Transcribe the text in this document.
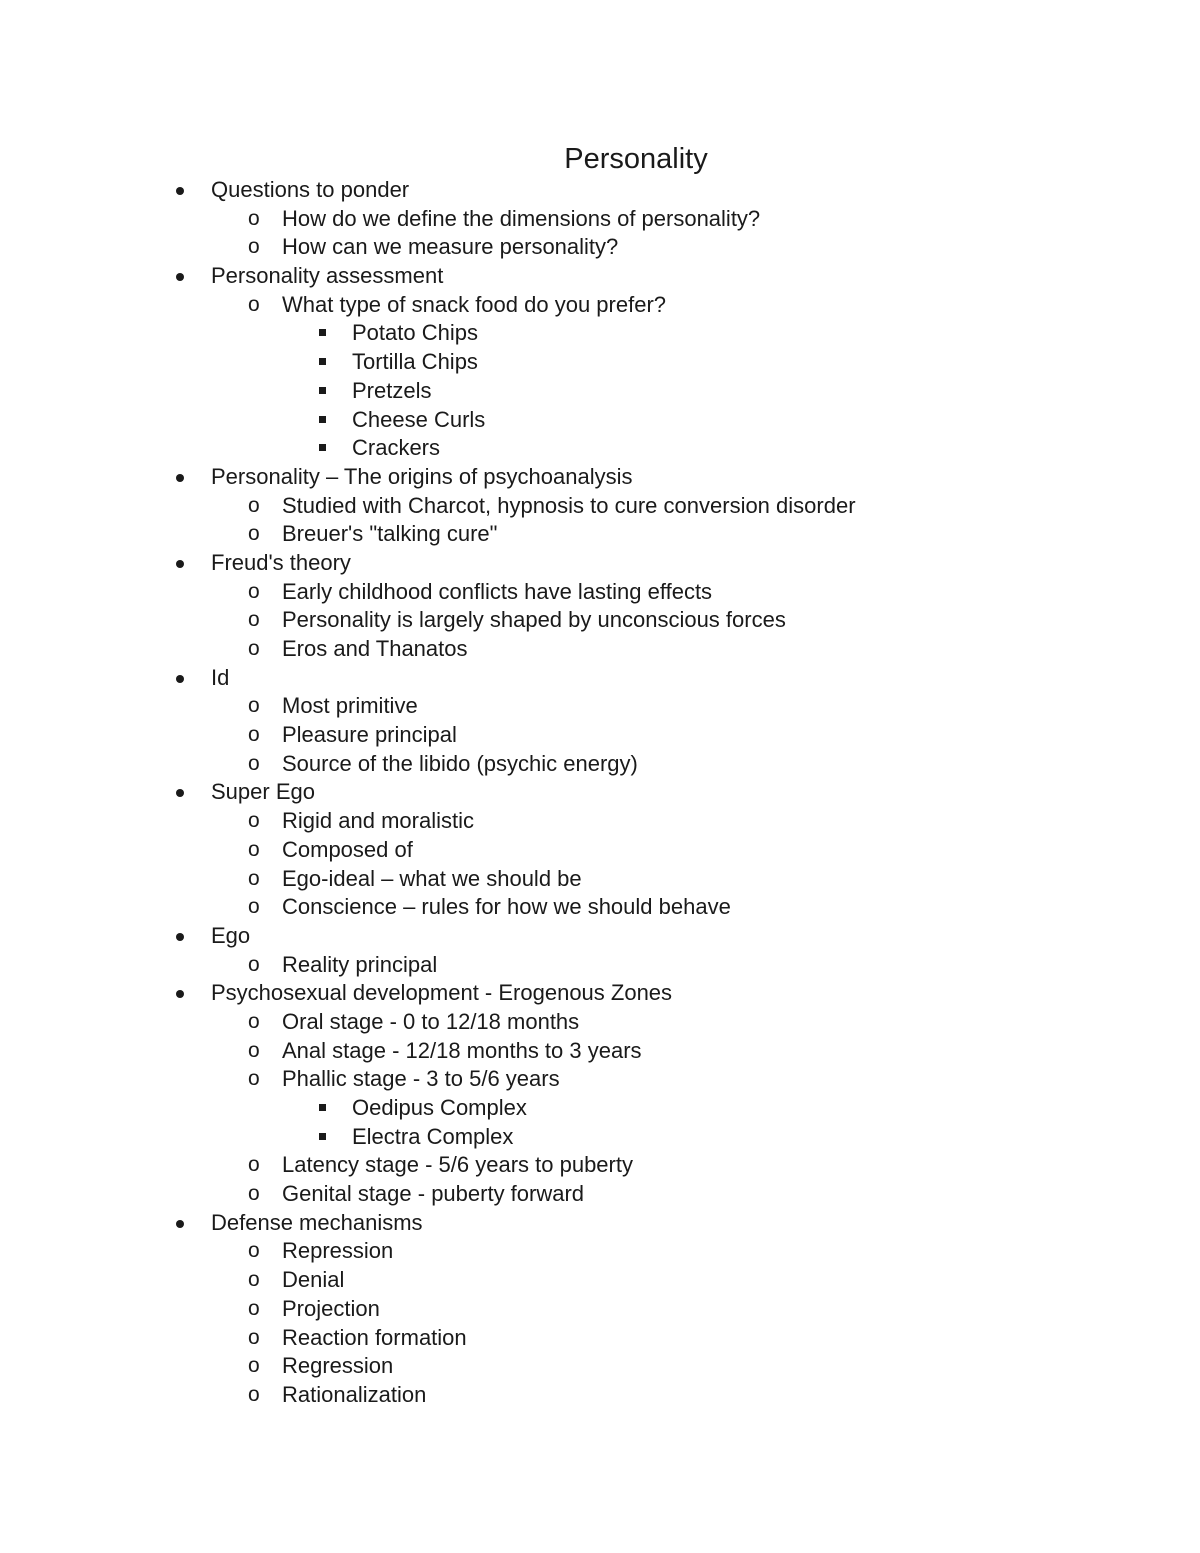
Personality
Questions to ponder
o How do we define the dimensions of personality?
o How can we measure personality?
Personality assessment
o What type of snack food do you prefer?
Potato Chips
Tortilla Chips
Pretzels
Cheese Curls
Crackers
Personality – The origins of psychoanalysis
o Studied with Charcot, hypnosis to cure conversion disorder
o Breuer's "talking cure"
Freud's theory
o Early childhood conflicts have lasting effects
o Personality is largely shaped by unconscious forces
o Eros and Thanatos
Id
o Most primitive
o Pleasure principal
o Source of the libido (psychic energy)
Super Ego
o Rigid and moralistic
o Composed of
o Ego-ideal – what we should be
o Conscience – rules for how we should behave
Ego
o Reality principal
Psychosexual development - Erogenous Zones
o Oral stage - 0 to 12/18 months
o Anal stage - 12/18 months to 3 years
o Phallic stage - 3 to 5/6 years
Oedipus Complex
Electra Complex
o Latency stage - 5/6 years to puberty
o Genital stage - puberty forward
Defense mechanisms
o Repression
o Denial
o Projection
o Reaction formation
o Regression
o Rationalization
